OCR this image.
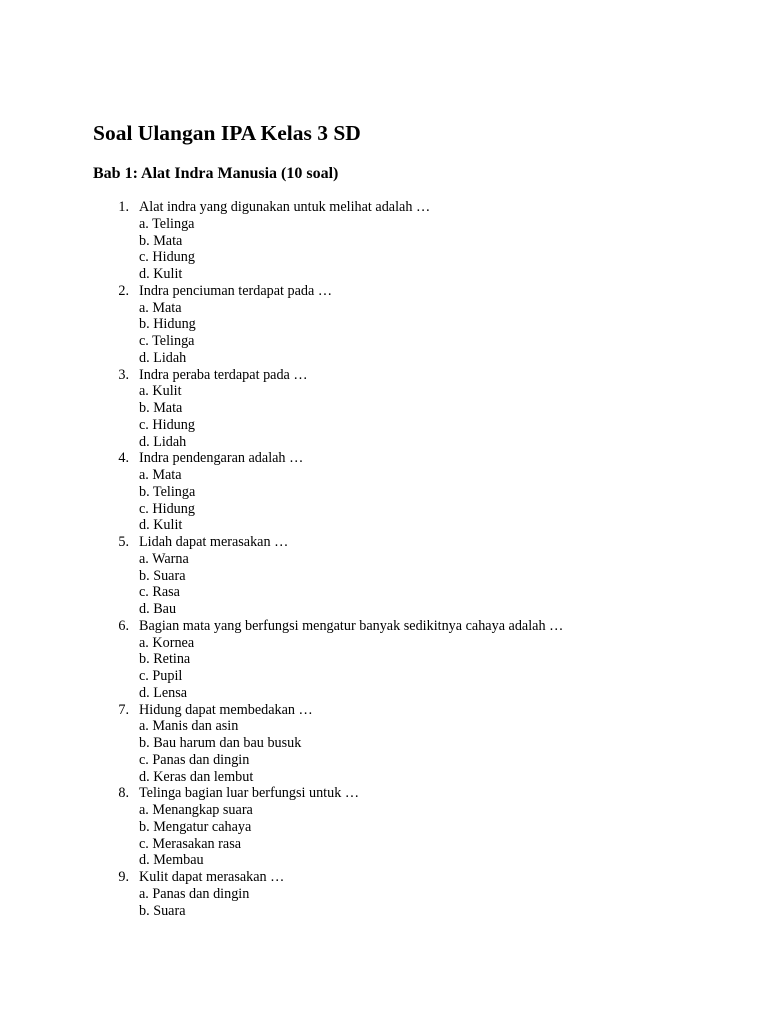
Soal Ulangan IPA Kelas 3 SD
Bab 1: Alat Indra Manusia (10 soal)
1. Alat indra yang digunakan untuk melihat adalah …
a. Telinga
b. Mata
c. Hidung
d. Kulit
2. Indra penciuman terdapat pada …
a. Mata
b. Hidung
c. Telinga
d. Lidah
3. Indra peraba terdapat pada …
a. Kulit
b. Mata
c. Hidung
d. Lidah
4. Indra pendengaran adalah …
a. Mata
b. Telinga
c. Hidung
d. Kulit
5. Lidah dapat merasakan …
a. Warna
b. Suara
c. Rasa
d. Bau
6. Bagian mata yang berfungsi mengatur banyak sedikitnya cahaya adalah …
a. Kornea
b. Retina
c. Pupil
d. Lensa
7. Hidung dapat membedakan …
a. Manis dan asin
b. Bau harum dan bau busuk
c. Panas dan dingin
d. Keras dan lembut
8. Telinga bagian luar berfungsi untuk …
a. Menangkap suara
b. Mengatur cahaya
c. Merasakan rasa
d. Membau
9. Kulit dapat merasakan …
a. Panas dan dingin
b. Suara
